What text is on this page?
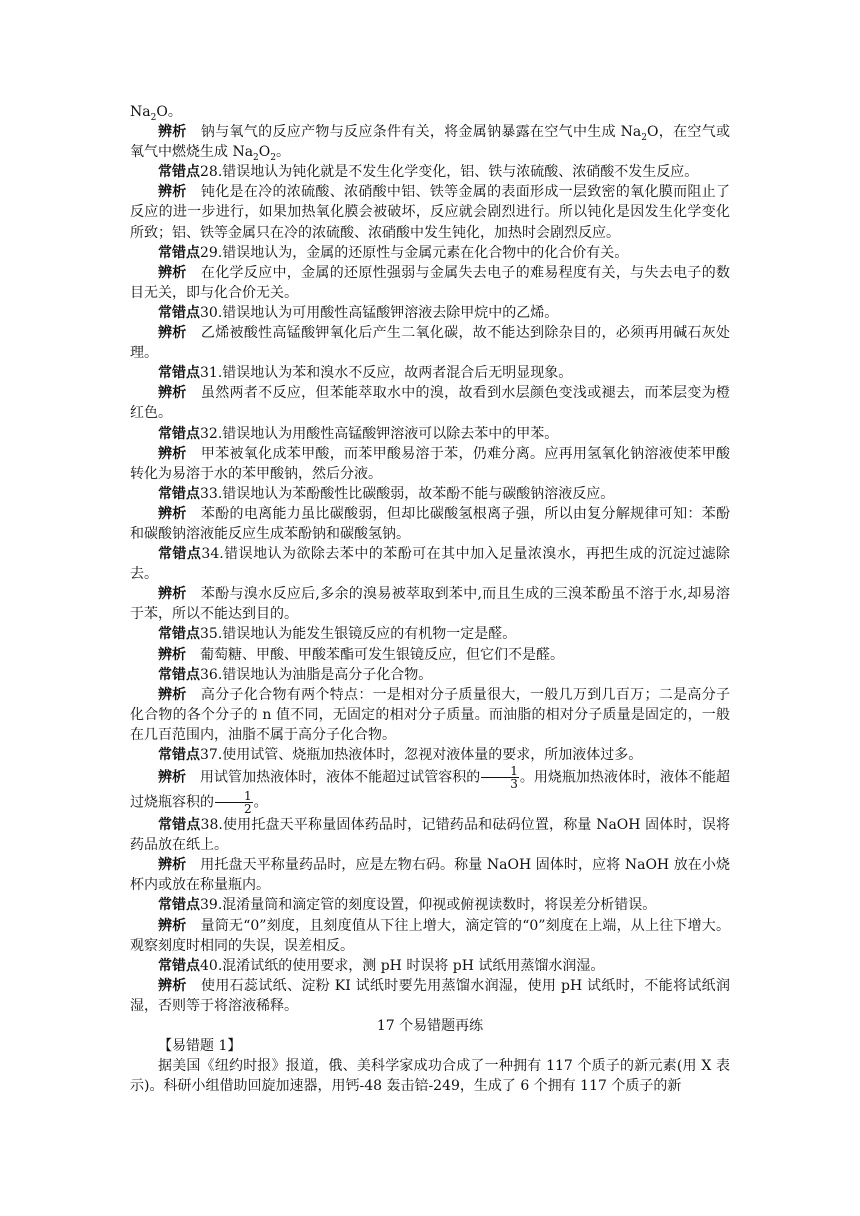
$Na_2O$。

辨析  钠与氧气的反应产物与反应条件有关，将金属钠暴露在空气中生成 $Na_2O$，在空气或氧气中燃烧生成 $Na_2O_2$。

常错点28.错误地认为钝化就是不发生化学变化，铝、铁与浓硫酸、浓硝酸不发生反应。

辨析  钝化是在冷的浓硫酸、浓硝酸中铝、铁等金属的表面形成一层致密的氧化膜而阻止了反应的进一步进行，如果加热氧化膜会被破坏，反应就会剧烈进行。所以钝化是因发生化学变化所致；铝、铁等金属只在冷的浓硫酸、浓硝酸中发生钝化，加热时会剧烈反应。

常错点29.错误地认为，金属的还原性与金属元素在化合物中的化合价有关。

辨析  在化学反应中，金属的还原性强弱与金属失去电子的难易程度有关，与失去电子的数目无关，即与化合价无关。

常错点30.错误地认为可用酸性高锰酸钾溶液去除甲烷中的乙烯。

辨析  乙烯被酸性高锰酸钾氧化后产生二氧化碳，故不能达到除杂目的，必须再用碱石灰处理。

常错点31.错误地认为苯和溴水不反应，故两者混合后无明显现象。

辨析  虽然两者不反应，但苯能萃取水中的溴，故看到水层颜色变浅或褪去，而苯层变为橙红色。

常错点32.错误地认为用酸性高锰酸钾溶液可以除去苯中的甲苯。

辨析  甲苯被氧化成苯甲酸，而苯甲酸易溶于苯，仍难分离。应再用氢氧化钠溶液使苯甲酸转化为易溶于水的苯甲酸钠，然后分液。

常错点33.错误地认为苯酚酸性比碳酸弱，故苯酚不能与碳酸钠溶液反应。

辨析  苯酚的电离能力虽比碳酸弱，但却比碳酸氢根离子强，所以由复分解规律可知：苯酚和碳酸钠溶液能反应生成苯酚钠和碳酸氢钠。

常错点34.错误地认为欲除去苯中的苯酚可在其中加入足量浓溴水，再把生成的沉淀过滤除去。

辨析  苯酚与溴水反应后,多余的溴易被萃取到苯中,而且生成的三溴苯酚虽不溶于水,却易溶于苯，所以不能达到目的。

常错点35.错误地认为能发生银镜反应的有机物一定是醛。

辨析  葡萄糖、甲酸、甲酸苯酯可发生银镜反应，但它们不是醛。

常错点36.错误地认为油脂是高分子化合物。

辨析  高分子化合物有两个特点：一是相对分子质量很大，一般几万到几百万；二是高分子化合物的各个分子的 n 值不同，无固定的相对分子质量。而油脂的相对分子质量是固定的，一般在几百范围内，油脂不属于高分子化合物。

常错点37.使用试管、烧瓶加热液体时，忽视对液体量的要求，所加液体过多。

辨析  用试管加热液体时，液体不能超过试管容积的 $\frac{1}{3}$ 。用烧瓶加热液体时，液体不能超过烧瓶容积的 $\frac{1}{2}$ 。

常错点38.使用托盘天平称量固体药品时，记错药品和砝码位置，称量 NaOH 固体时，误将药品放在纸上。

辨析  用托盘天平称量药品时，应是左物右码。称量 NaOH 固体时，应将 NaOH 放在小烧杯内或放在称量瓶内。

常错点39.混淆量筒和滴定管的刻度设置，仰视或俯视读数时，将误差分析错误。

辨析  量筒无“0”刻度，且刻度值从下往上增大，滴定管的“0”刻度在上端，从上往下增大。观察刻度时相同的失误，误差相反。

常错点40.混淆试纸的使用要求，测 pH 时误将 pH 试纸用蒸馏水润湿。

辨析  使用石蕊试纸、淀粉 KI 试纸时要先用蒸馏水润湿，使用 pH 试纸时，不能将试纸润湿，否则等于将溶液稀释。

17 个易错题再练

【易错题 1】

据美国《纽约时报》报道，俄、美科学家成功合成了一种拥有 117 个质子的新元素(用 X 表示)。科研小组借助回旋加速器，用钙-48 轰击锫-249，生成了 6 个拥有 117 个质子的新
